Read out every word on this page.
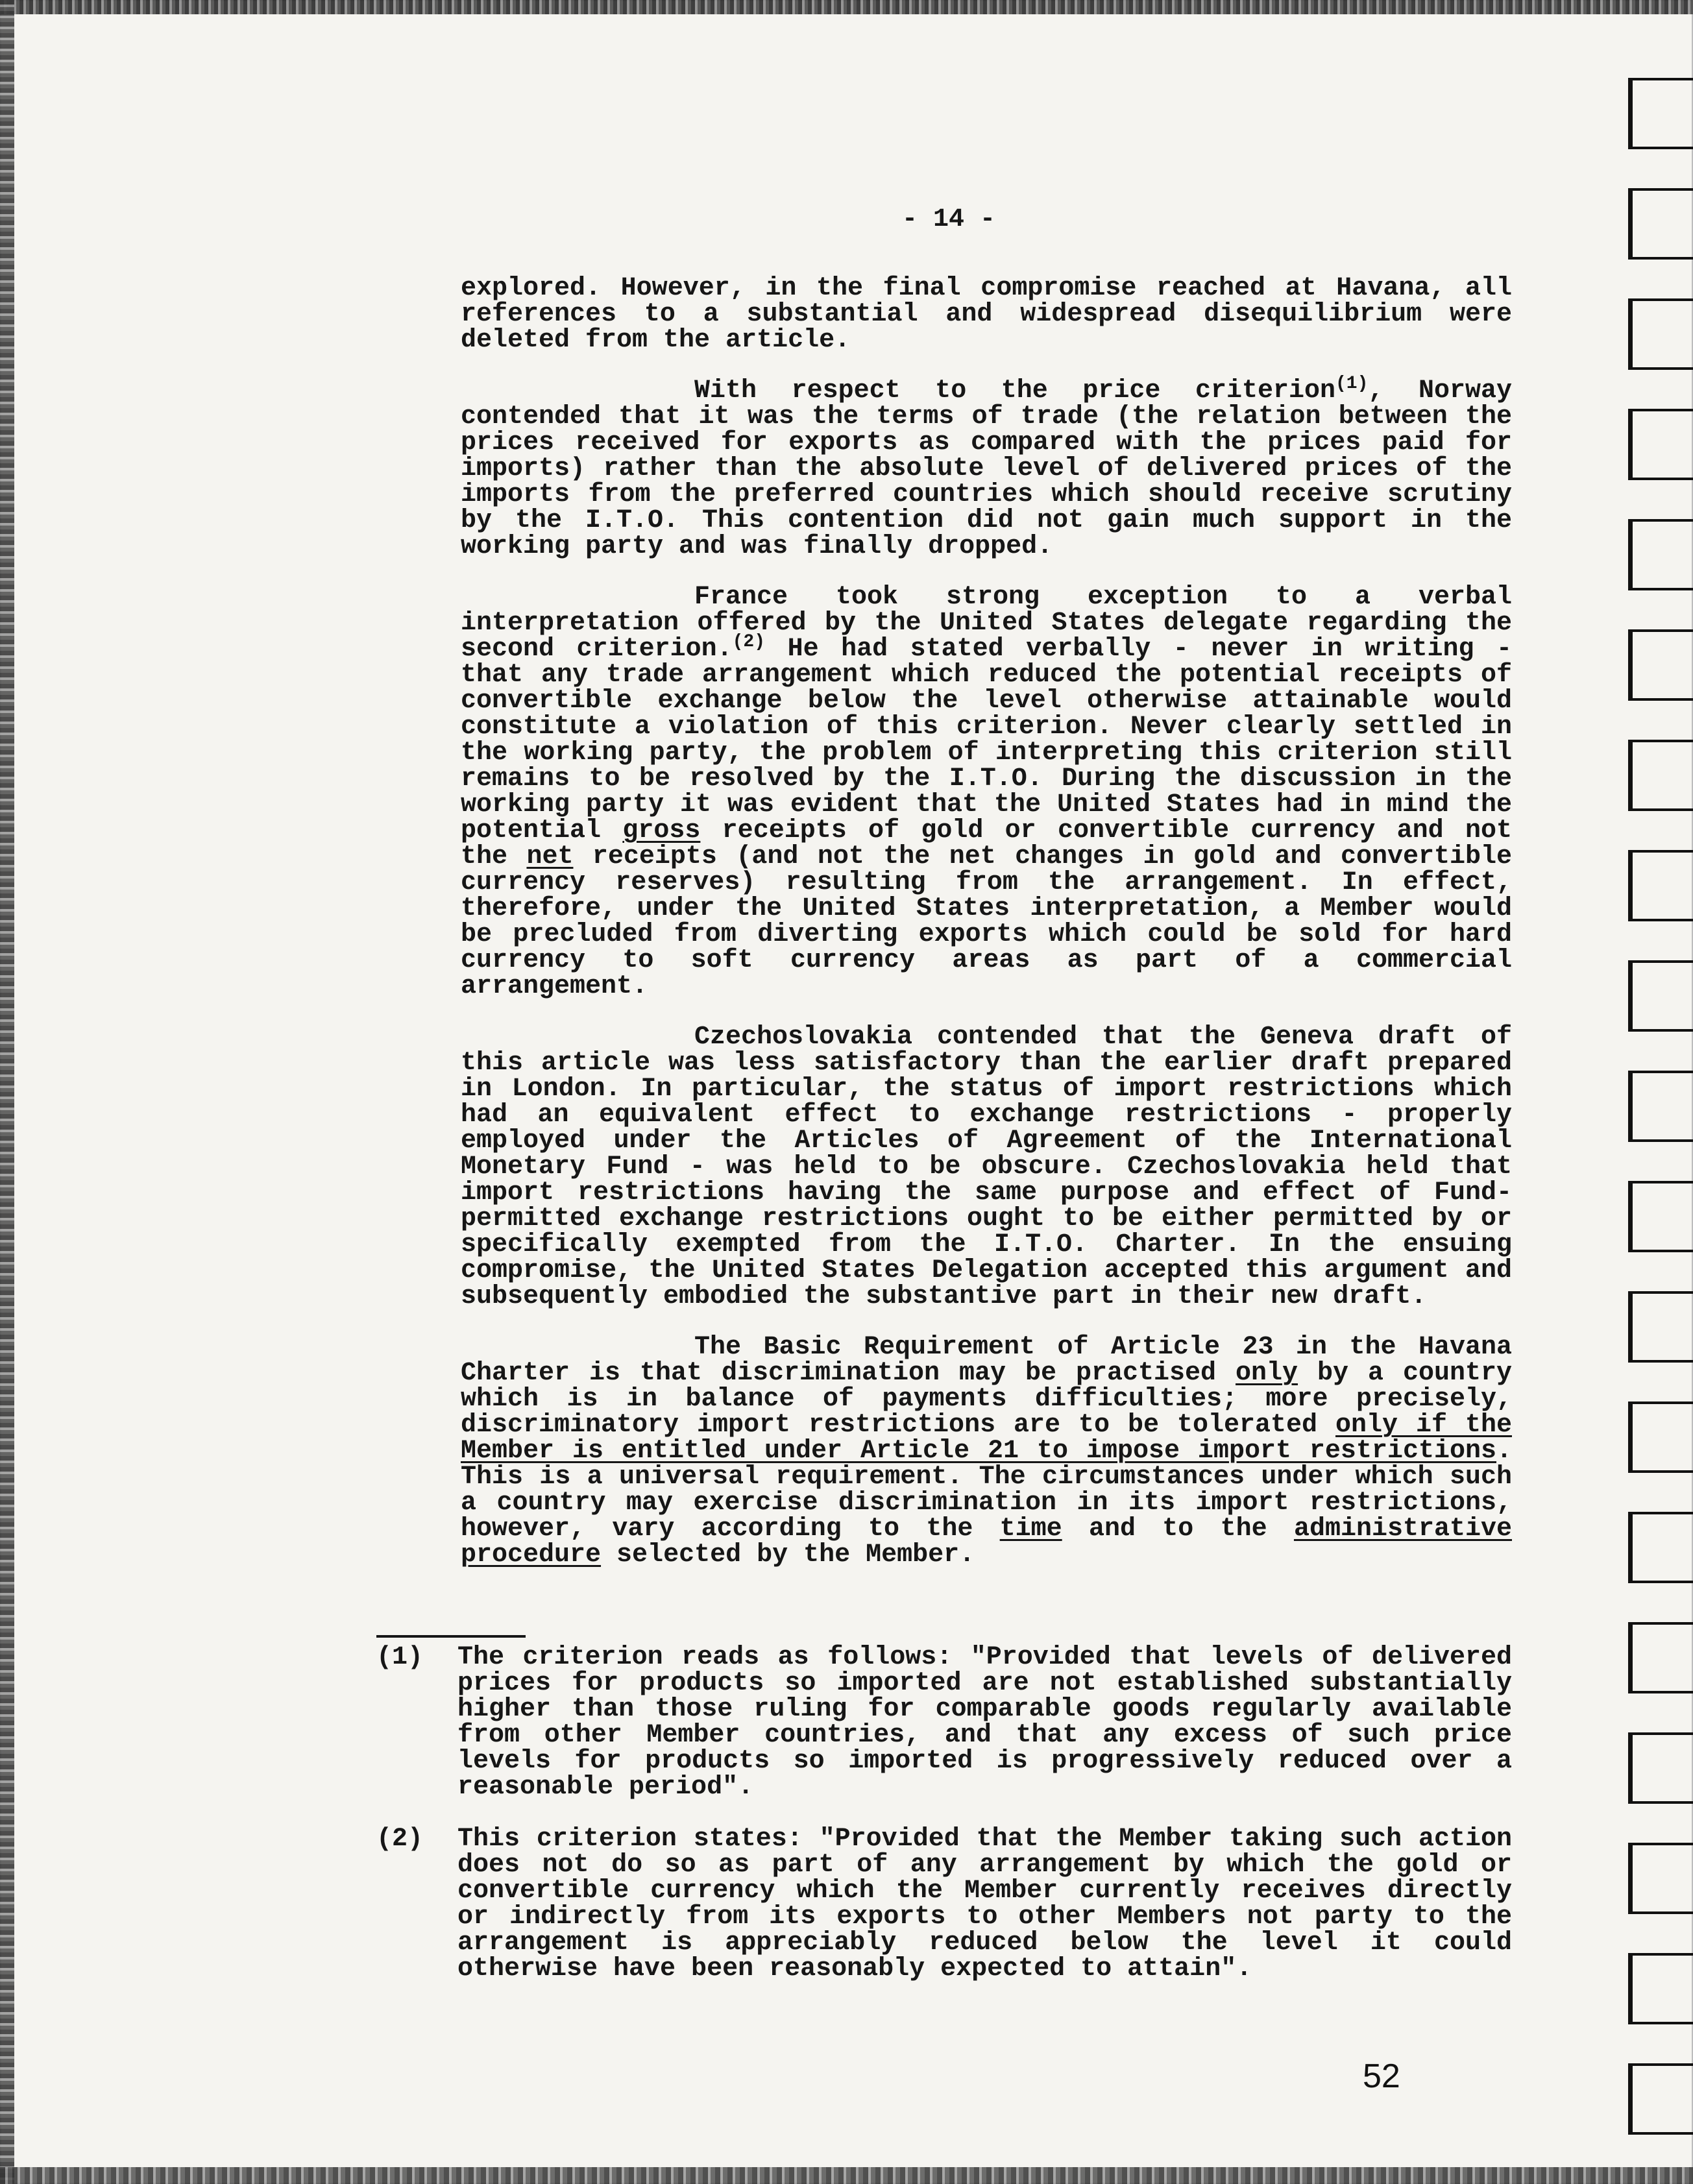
- 14 -

explored. However, in the final compromise reached at Havana, all references to a substantial and widespread disequilibrium were deleted from the article.

With respect to the price criterion$^{(1)}$, Norway contended that it was the terms of trade (the relation between the prices received for exports as compared with the prices paid for imports) rather than the absolute level of delivered prices of the imports from the preferred countries which should receive scrutiny by the I.T.O. This contention did not gain much support in the working party and was finally dropped.

France took strong exception to a verbal interpretation offered by the United States delegate regarding the second criterion.$^{(2)}$ He had stated verbally - never in writing - that any trade arrangement which reduced the potential receipts of convertible exchange below the level otherwise attainable would constitute a violation of this criterion. Never clearly settled in the working party, the problem of interpreting this criterion still remains to be resolved by the I.T.O. During the discussion in the working party it was evident that the United States had in mind the potential gross receipts of gold or convertible currency and not the net receipts (and not the net changes in gold and convertible currency reserves) resulting from the arrangement. In effect, therefore, under the United States interpretation, a Member would be precluded from diverting exports which could be sold for hard currency to soft currency areas as part of a commercial arrangement.

Czechoslovakia contended that the Geneva draft of this article was less satisfactory than the earlier draft prepared in London. In particular, the status of import restrictions which had an equivalent effect to exchange restrictions - properly employed under the Articles of Agreement of the International Monetary Fund - was held to be obscure. Czechoslovakia held that import restrictions having the same purpose and effect of Fund-permitted exchange restrictions ought to be either permitted by or specifically exempted from the I.T.O. Charter. In the ensuing compromise, the United States Delegation accepted this argument and subsequently embodied the substantive part in their new draft.

The Basic Requirement of Article 23 in the Havana Charter is that discrimination may be practised only by a country which is in balance of payments difficulties; more precisely, discriminatory import restrictions are to be tolerated only if the Member is entitled under Article 21 to impose import restrictions. This is a universal requirement. The circumstances under which such a country may exercise discrimination in its import restrictions, however, vary according to the time and to the administrative procedure selected by the Member.

(1) The criterion reads as follows: "Provided that levels of delivered prices for products so imported are not established substantially higher than those ruling for comparable goods regularly available from other Member countries, and that any excess of such price levels for products so imported is progressively reduced over a reasonable period".
(2) This criterion states: "Provided that the Member taking such action does not do so as part of any arrangement by which the gold or convertible currency which the Member currently receives directly or indirectly from its exports to other Members not party to the arrangement is appreciably reduced below the level it could otherwise have been reasonably expected to attain".
52
